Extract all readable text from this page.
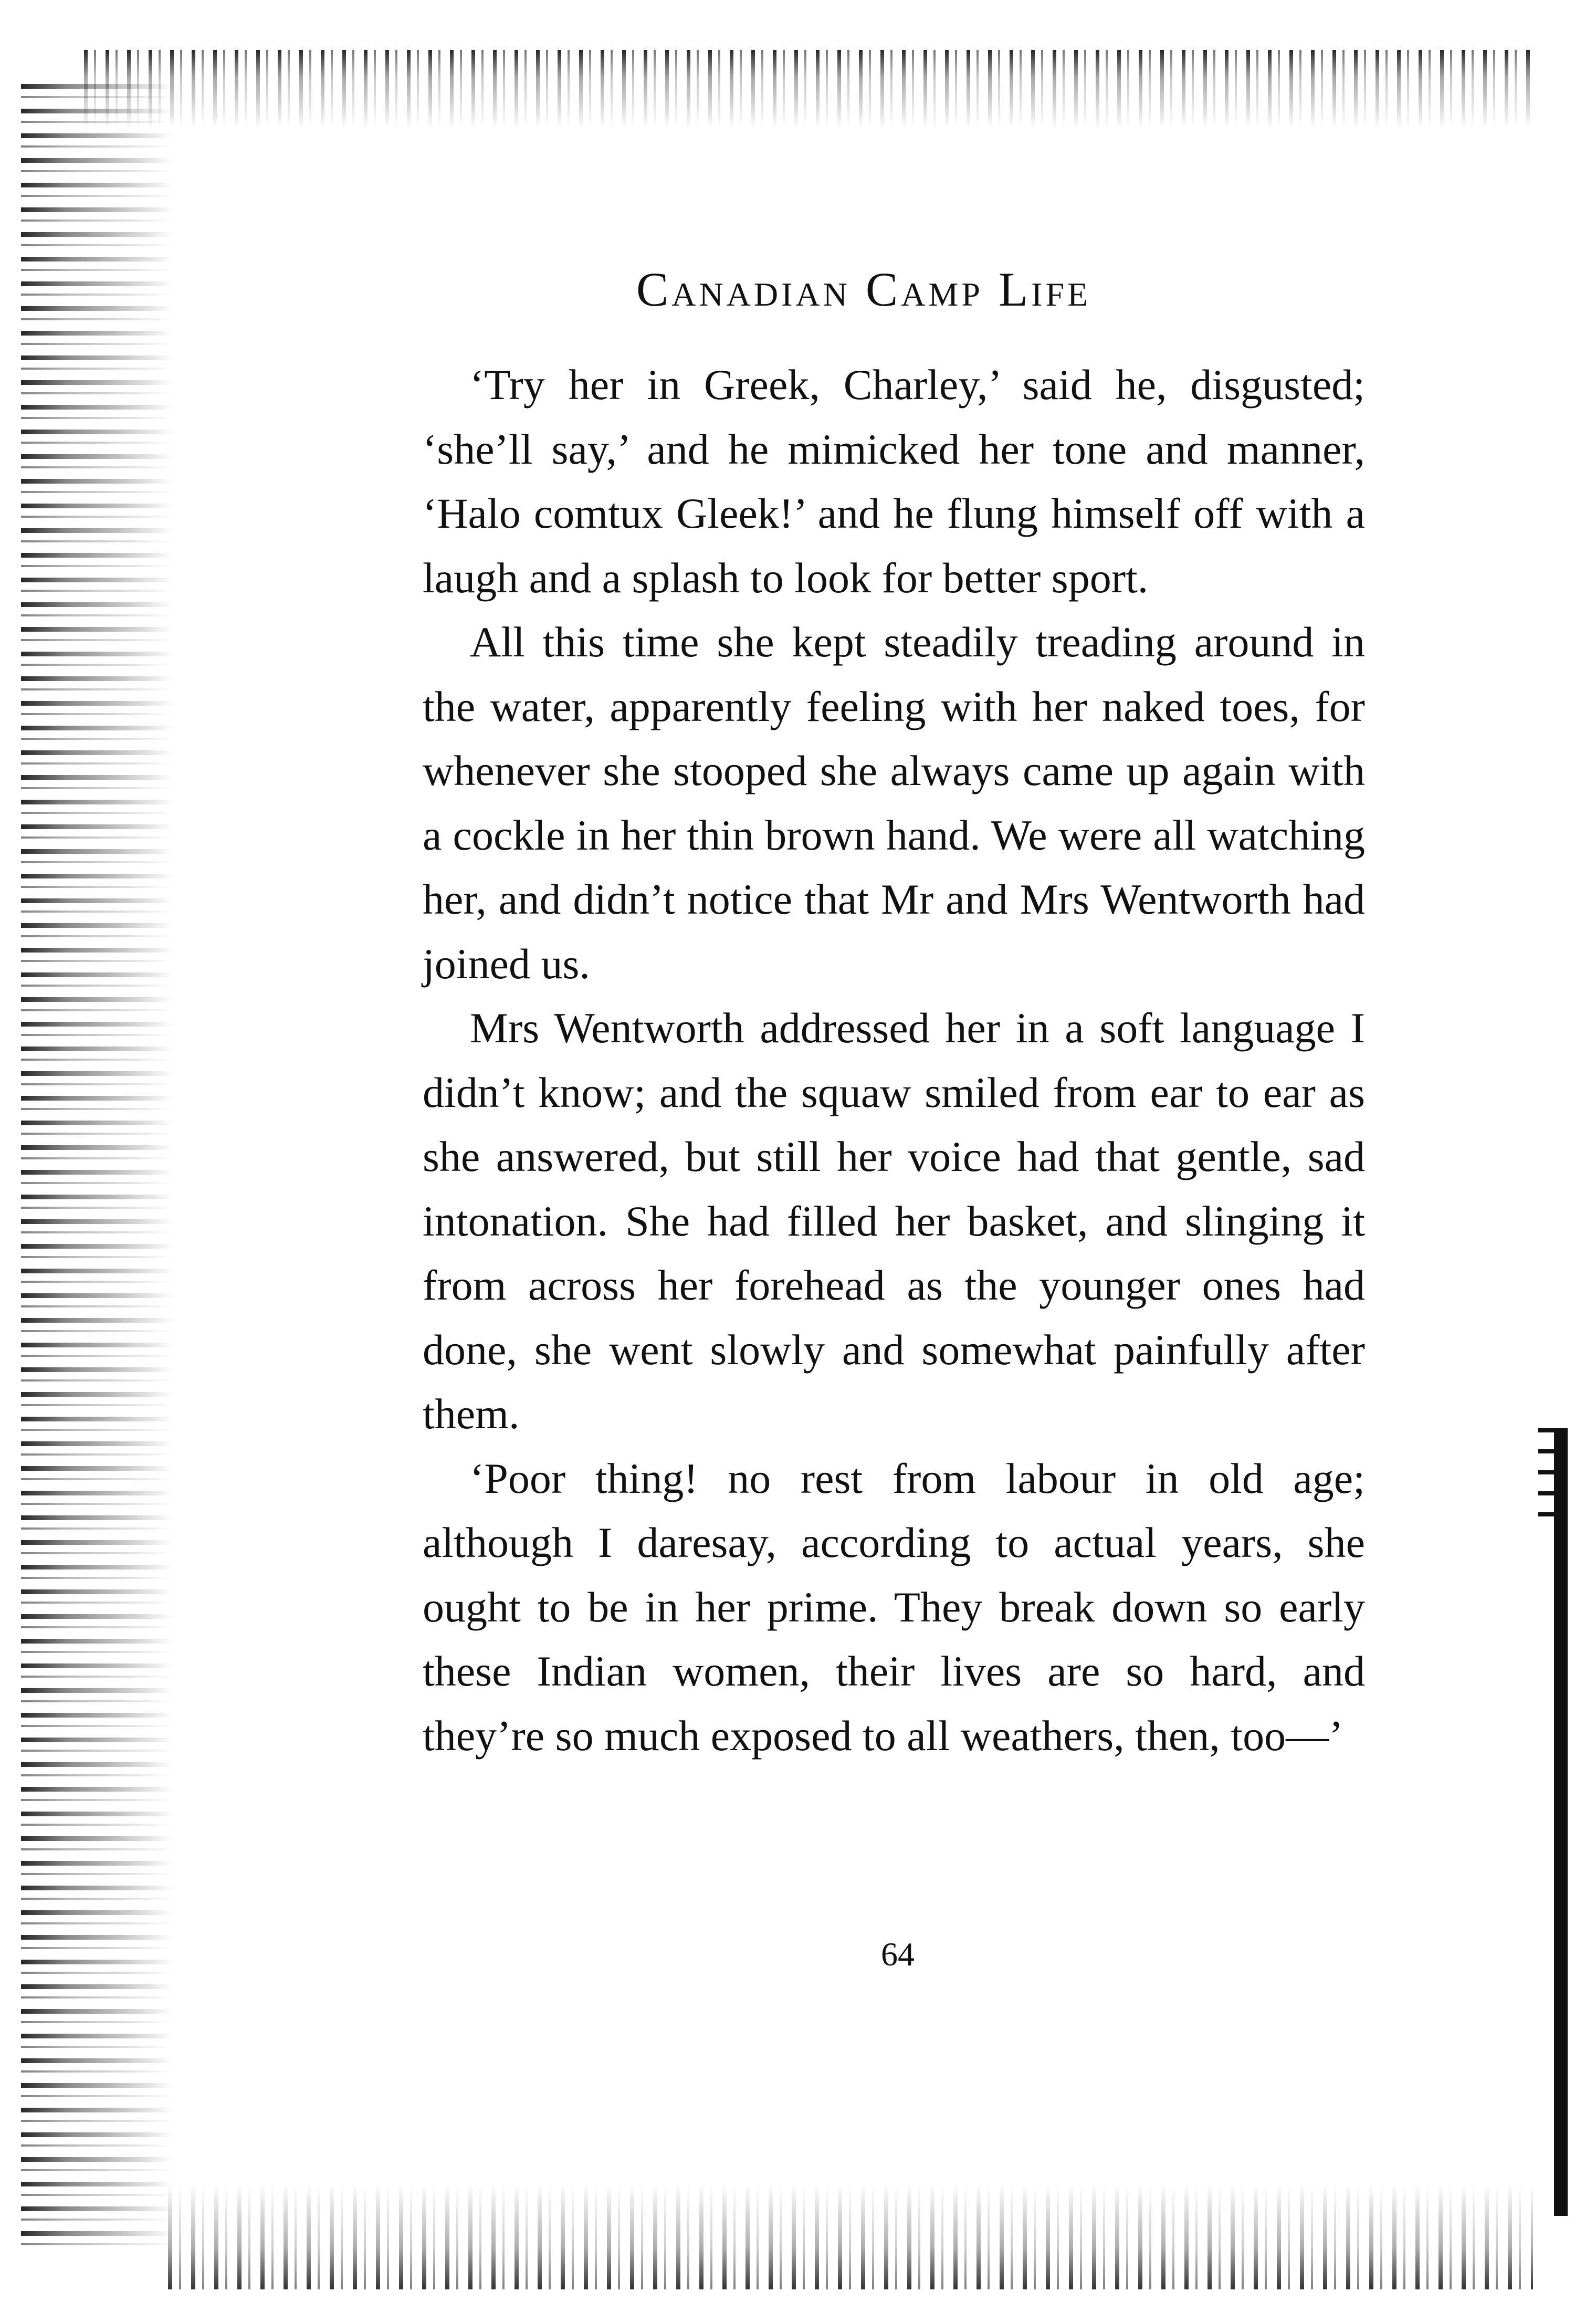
Canadian Camp Life

‘Try her in Greek, Charley,’ said he, disgusted; ‘she’ll say,’ and he mimicked her tone and manner, ‘Halo comtux Gleek!’ and he flung himself off with a laugh and a splash to look for better sport.

All this time she kept steadily treading around in the water, apparently feeling with her naked toes, for whenever she stooped she always came up again with a cockle in her thin brown hand. We were all watching her, and didn’t notice that Mr and Mrs Wentworth had joined us.

Mrs Wentworth addressed her in a soft language I didn’t know; and the squaw smiled from ear to ear as she answered, but still her voice had that gentle, sad intonation. She had filled her basket, and slinging it from across her forehead as the younger ones had done, she went slowly and somewhat painfully after them.

‘Poor thing! no rest from labour in old age; although I daresay, according to actual years, she ought to be in her prime. They break down so early these Indian women, their lives are so hard, and they’re so much exposed to all weathers, then, too—’

64
